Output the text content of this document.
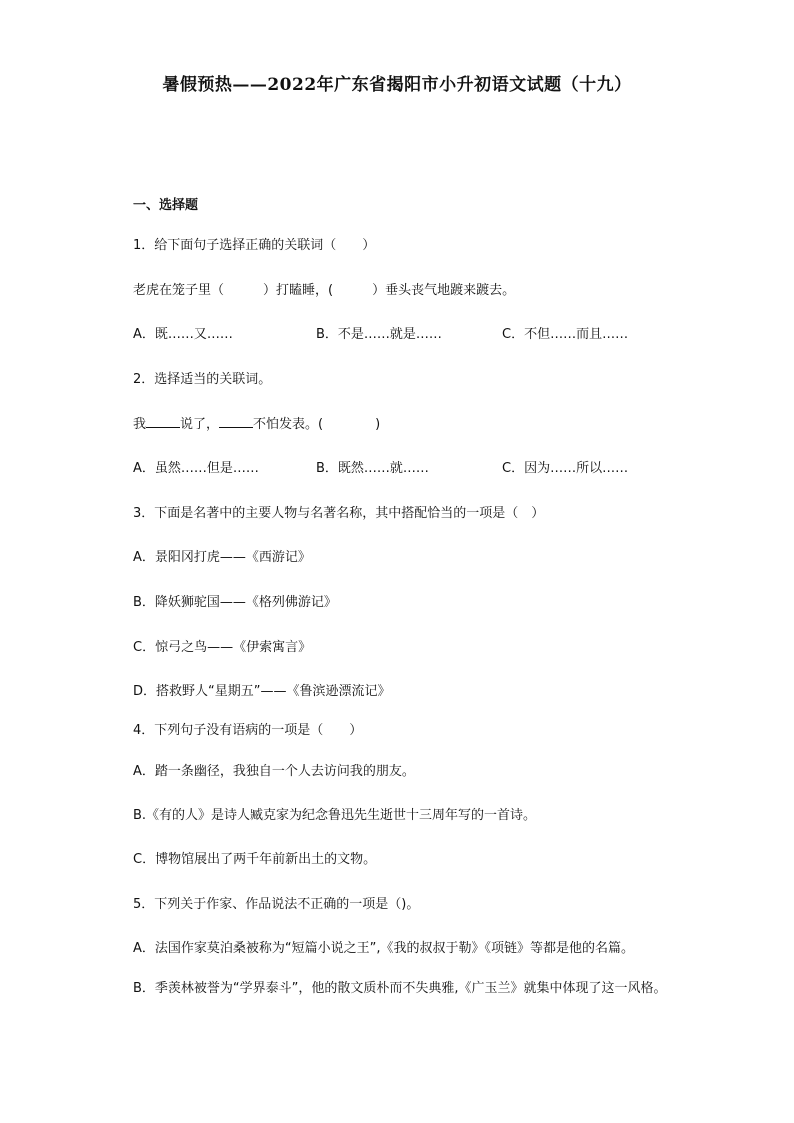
暑假预热——2022年广东省揭阳市小升初语文试题（十九）
一、选择题
1．给下面句子选择正确的关联词（　　）
老虎在笼子里（　　　）打瞌睡，(　　　）垂头丧气地踱来踱去。
A．既……又……	B．不是……就是……	C．不但……而且……
2．选择适当的关联词。
我	说了，	不怕发表。(　　　　)
A．虽然……但是……	B．既然……就……	C．因为……所以……
3．下面是名著中的主要人物与名著名称，其中搭配恰当的一项是（　）
A．景阳冈打虎——《西游记》
B．降妖狮驼国——《格列佛游记》
C．惊弓之鸟——《伊索寓言》
D．搭救野人“星期五”——《鲁滨逊漂流记》
4．下列句子没有语病的一项是（　　）
A．踏一条幽径，我独自一个人去访问我的朋友。
B.《有的人》是诗人臧克家为纪念鲁迅先生逝世十三周年写的一首诗。
C．博物馆展出了两千年前新出土的文物。
5．下列关于作家、作品说法不正确的一项是（)。
A．法国作家莫泊桑被称为“短篇小说之王”,《我的叔叔于勒》《项链》等都是他的名篇。
B．季羡林被誉为“学界泰斗”，他的散文质朴而不失典雅,《广玉兰》就集中体现了这一风格。
